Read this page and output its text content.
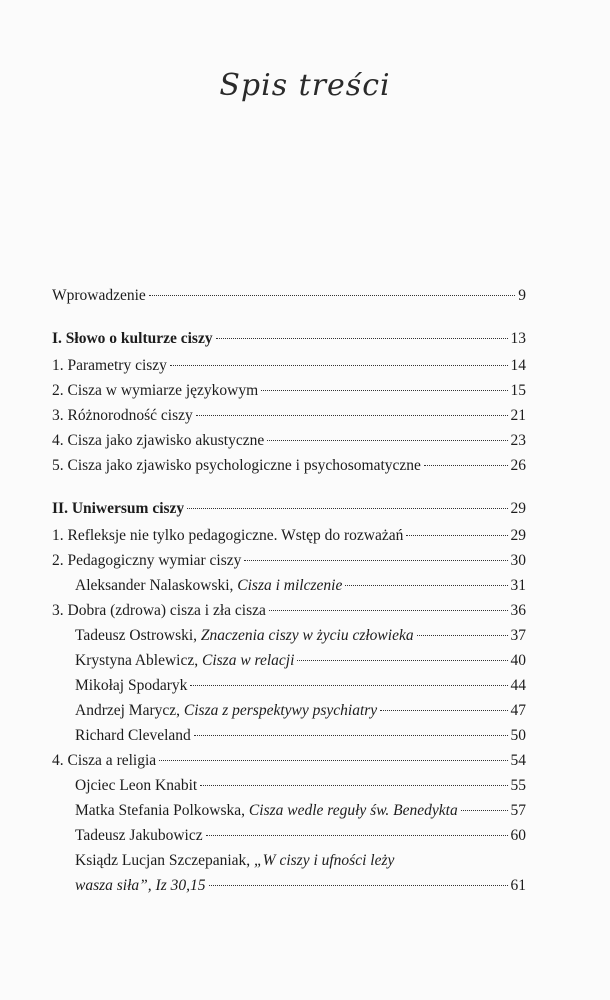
Spis treści
Wprowadzenie	9
I. Słowo o kulturze ciszy	13
1. Parametry ciszy	14
2. Cisza w wymiarze językowym	15
3. Różnorodność ciszy	21
4. Cisza jako zjawisko akustyczne	23
5. Cisza jako zjawisko psychologiczne i psychosomatyczne	26
II. Uniwersum ciszy	29
1. Refleksje nie tylko pedagogiczne. Wstęp do rozważań	29
2. Pedagogiczny wymiar ciszy	30
Aleksander Nalaskowski, Cisza i milczenie	31
3. Dobra (zdrowa) cisza i zła cisza	36
Tadeusz Ostrowski, Znaczenia ciszy w życiu człowieka	37
Krystyna Ablewicz, Cisza w relacji	40
Mikołaj Spodaryk	44
Andrzej Marycz, Cisza z perspektywy psychiatry	47
Richard Cleveland	50
4. Cisza a religia	54
Ojciec Leon Knabit	55
Matka Stefania Polkowska, Cisza wedle reguły św. Benedykta	57
Tadeusz Jakubowicz	60
Ksiądz Lucjan Szczepaniak, „W ciszy i ufności leży
wasza siła”, Iz 30,15	61
